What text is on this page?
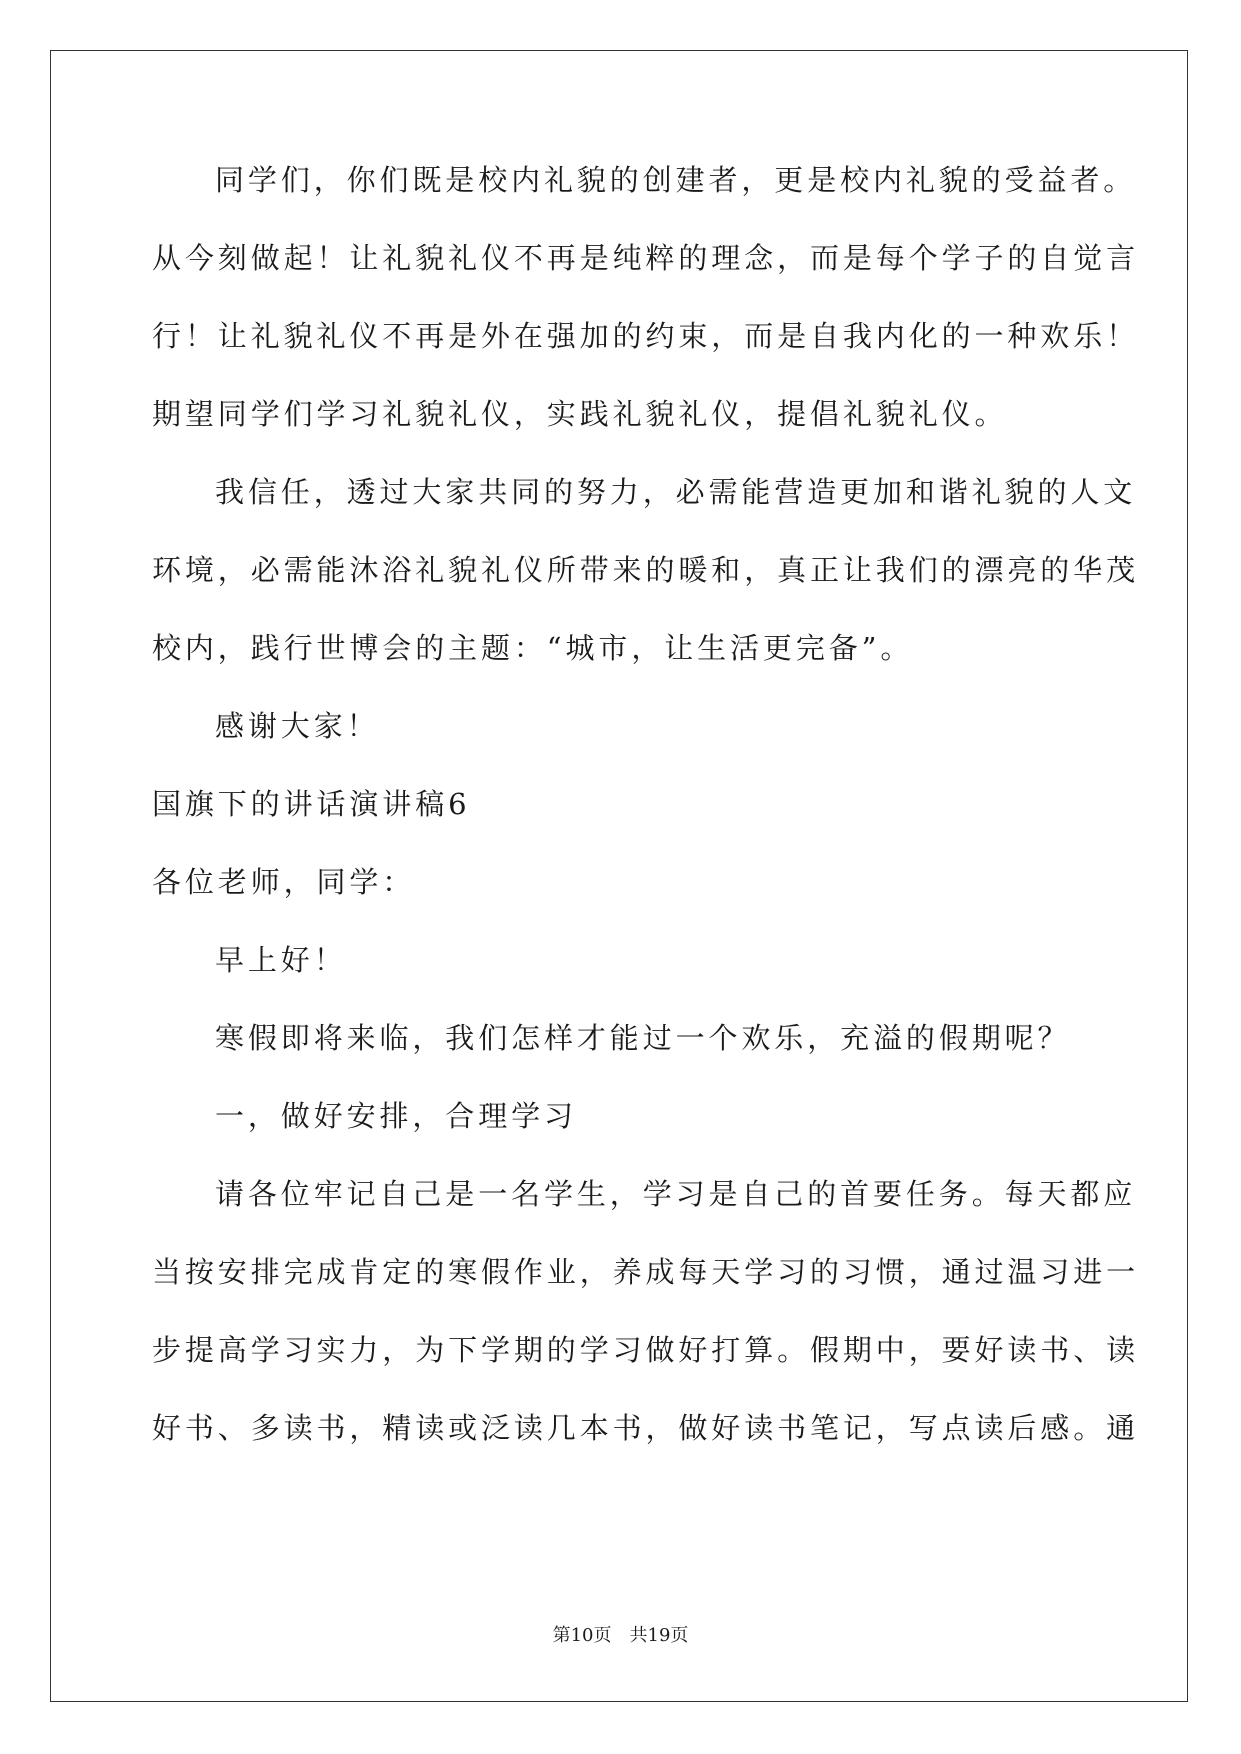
同学们，你们既是校内礼貌的创建者，更是校内礼貌的受益者。
从今刻做起！让礼貌礼仪不再是纯粹的理念，而是每个学子的自觉言
行！让礼貌礼仪不再是外在强加的约束，而是自我内化的一种欢乐！
期望同学们学习礼貌礼仪，实践礼貌礼仪，提倡礼貌礼仪。
我信任，透过大家共同的努力，必需能营造更加和谐礼貌的人文
环境，必需能沐浴礼貌礼仪所带来的暖和，真正让我们的漂亮的华茂
校内，践行世博会的主题：“城市，让生活更完备”。
感谢大家！
国旗下的讲话演讲稿6
各位老师，同学：
早上好！
寒假即将来临，我们怎样才能过一个欢乐，充溢的假期呢？
一，做好安排，合理学习
请各位牢记自己是一名学生，学习是自己的首要任务。每天都应
当按安排完成肯定的寒假作业，养成每天学习的习惯，通过温习进一
步提高学习实力，为下学期的学习做好打算。假期中，要好读书、读
好书、多读书，精读或泛读几本书，做好读书笔记，写点读后感。通
第10页 共19页
